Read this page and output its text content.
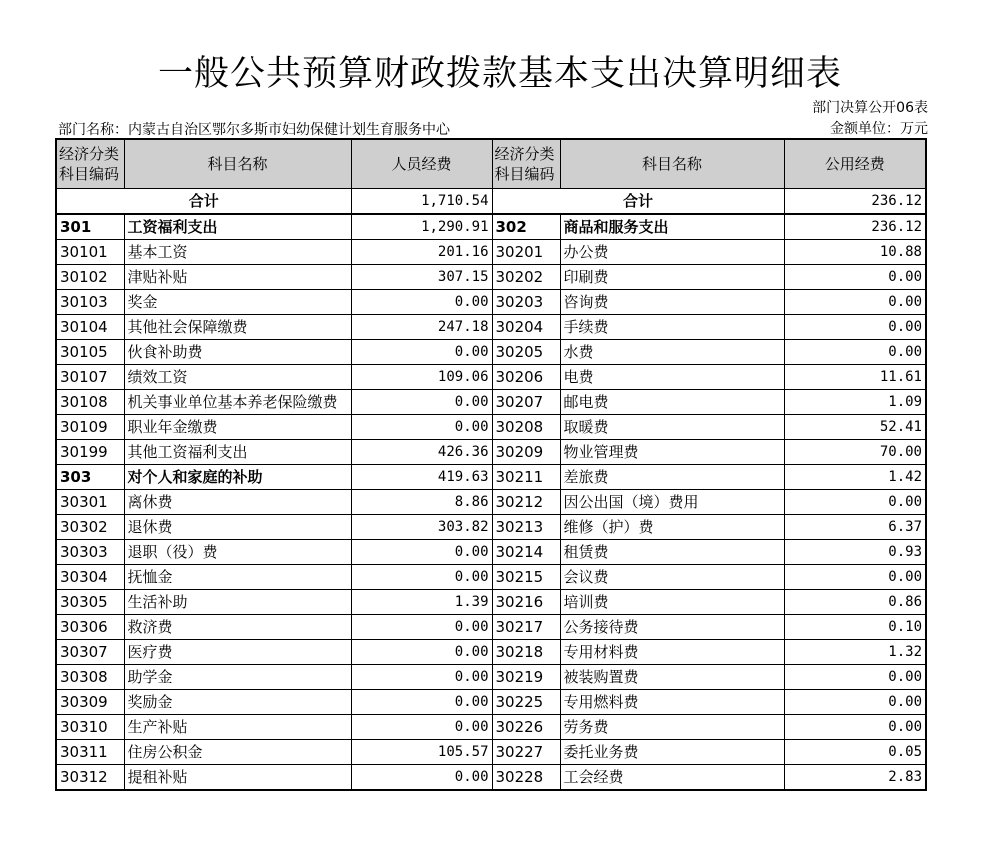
一般公共预算财政拨款基本支出决算明细表
部门决算公开06表
部门名称：内蒙古自治区鄂尔多斯市妇幼保健计划生育服务中心	金额单位：万元
经济分类科目编码	科目名称	人员经费	经济分类科目编码	科目名称	公用经费
合计		1,710.54	合计		236.12
301	工资福利支出	1,290.91	302	商品和服务支出	236.12
30101	基本工资	201.16	30201	办公费	10.88
30102	津贴补贴	307.15	30202	印刷费	0.00
30103	奖金	0.00	30203	咨询费	0.00
30104	其他社会保障缴费	247.18	30204	手续费	0.00
30105	伙食补助费	0.00	30205	水费	0.00
30107	绩效工资	109.06	30206	电费	11.61
30108	机关事业单位基本养老保险缴费	0.00	30207	邮电费	1.09
30109	职业年金缴费	0.00	30208	取暖费	52.41
30199	其他工资福利支出	426.36	30209	物业管理费	70.00
303	对个人和家庭的补助	419.63	30211	差旅费	1.42
30301	离休费	8.86	30212	因公出国（境）费用	0.00
30302	退休费	303.82	30213	维修（护）费	6.37
30303	退职（役）费	0.00	30214	租赁费	0.93
30304	抚恤金	0.00	30215	会议费	0.00
30305	生活补助	1.39	30216	培训费	0.86
30306	救济费	0.00	30217	公务接待费	0.10
30307	医疗费	0.00	30218	专用材料费	1.32
30308	助学金	0.00	30219	被装购置费	0.00
30309	奖励金	0.00	30225	专用燃料费	0.00
30310	生产补贴	0.00	30226	劳务费	0.00
30311	住房公积金	105.57	30227	委托业务费	0.05
30312	提租补贴	0.00	30228	工会经费	2.83
